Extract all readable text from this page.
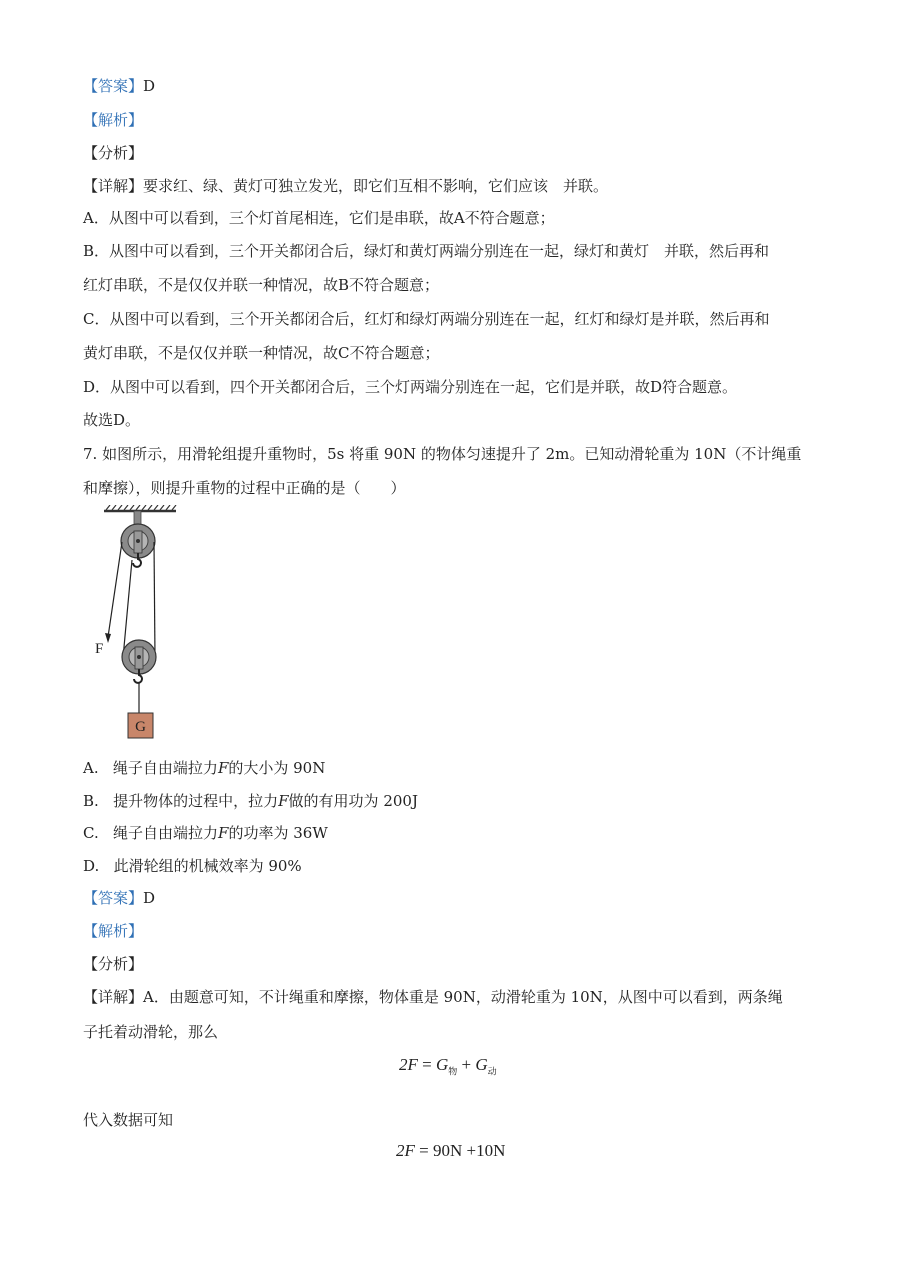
【答案】D
【解析】
【分析】
【详解】要求红、绿、黄灯可独立发光，即它们互相不影响，它们应该　并联。
A．从图中可以看到，三个灯首尾相连，它们是串联，故A不符合题意；
B．从图中可以看到，三个开关都闭合后，绿灯和黄灯两端分别连在一起，绿灯和黄灯　并联，然后再和
红灯串联，不是仅仅并联一种情况，故B不符合题意；
C．从图中可以看到，三个开关都闭合后，红灯和绿灯两端分别连在一起，红灯和绿灯是并联，然后再和
黄灯串联，不是仅仅并联一种情况，故C不符合题意；
D．从图中可以看到，四个开关都闭合后，三个灯两端分别连在一起，它们是并联，故D符合题意。
故选D。
7. 如图所示，用滑轮组提升重物时，5s 将重 90N 的物体匀速提升了 2m。已知动滑轮重为 10N（不计绳重
和摩擦），则提升重物的过程中正确的是（　　）
F
G
A. 绳子自由端拉力F的大小为 90N
B. 提升物体的过程中，拉力F做的有用功为 200J
C. 绳子自由端拉力F的功率为 36W
D. 此滑轮组的机械效率为 90%
【答案】D
【解析】
【分析】
【详解】A．由题意可知，不计绳重和摩擦，物体重是 90N，动滑轮重为 10N，从图中可以看到，两条绳
子托着动滑轮，那么
$2F = G_物 + G_动$
代入数据可知
2F = 90N +10N
